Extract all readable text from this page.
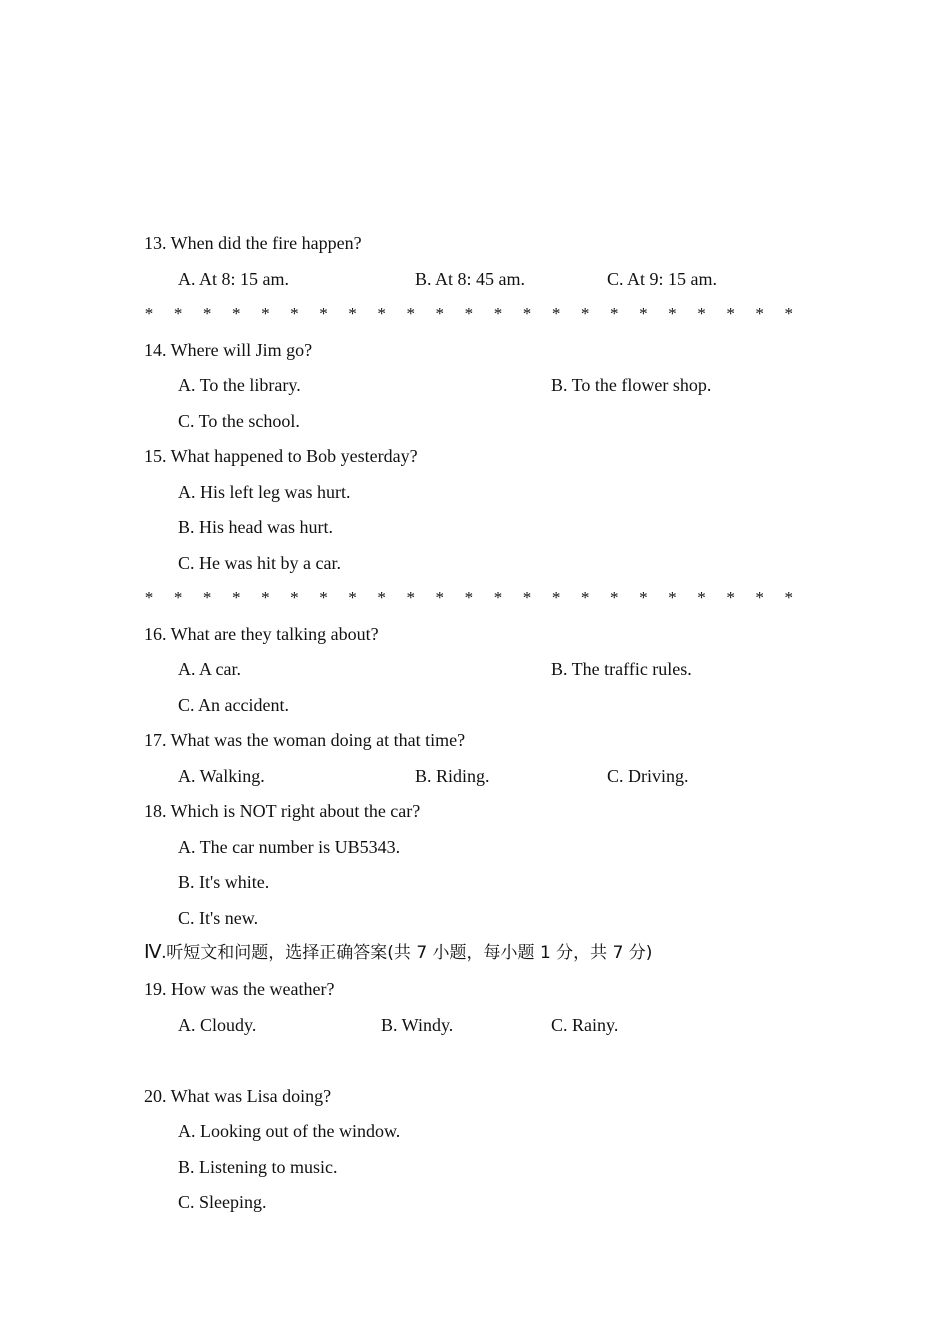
13. When did the fire happen?
A. At 8: 15 am.	B. At 8: 45 am.	C. At 9: 15 am.
* * * * * * * * * * * * * * * * * * * * * * *
14. Where will Jim go?
A. To the library.	B. To the flower shop.
C. To the school.
15. What happened to Bob yesterday?
A. His left leg was hurt.
B. His head was hurt.
C. He was hit by a car.
* * * * * * * * * * * * * * * * * * * * * * *
16. What are they talking about?
A. A car.	B. The traffic rules.
C. An accident.
17. What was the woman doing at that time?
A. Walking.	B. Riding.	C. Driving.
18. Which is NOT right about the car?
A. The car number is UB5343.
B. It's white.
C. It's new.
Ⅳ.听短文和问题，选择正确答案(共 7 小题，每小题 1 分，共 7 分)
19. How was the weather?
A. Cloudy.	B. Windy.	C. Rainy.
20. What was Lisa doing?
A. Looking out of the window.
B. Listening to music.
C. Sleeping.
